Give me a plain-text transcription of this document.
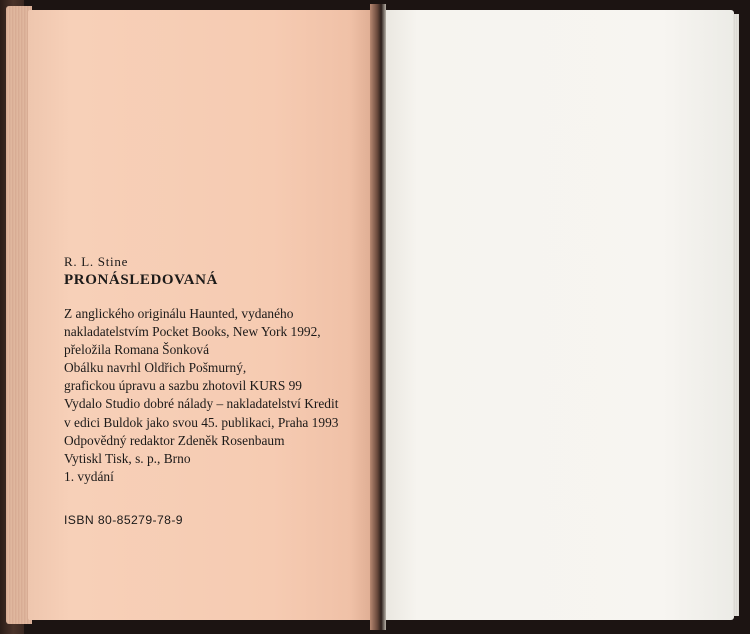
R. L. Stine
PRONÁSLEDOVANÁ
Z anglického originálu Haunted, vydaného
nakladatelstvím Pocket Books, New York 1992,
přeložila Romana Šonková
Obálku navrhl Oldřich Pošmurný,
grafickou úpravu a sazbu zhotovil KURS 99
Vydalo Studio dobré nálady – nakladatelství Kredit
v edici Buldok jako svou 45. publikaci, Praha 1993
Odpovědný redaktor Zdeněk Rosenbaum
Vytiskl Tisk, s. p., Brno
1. vydání
ISBN 80-85279-78-9
